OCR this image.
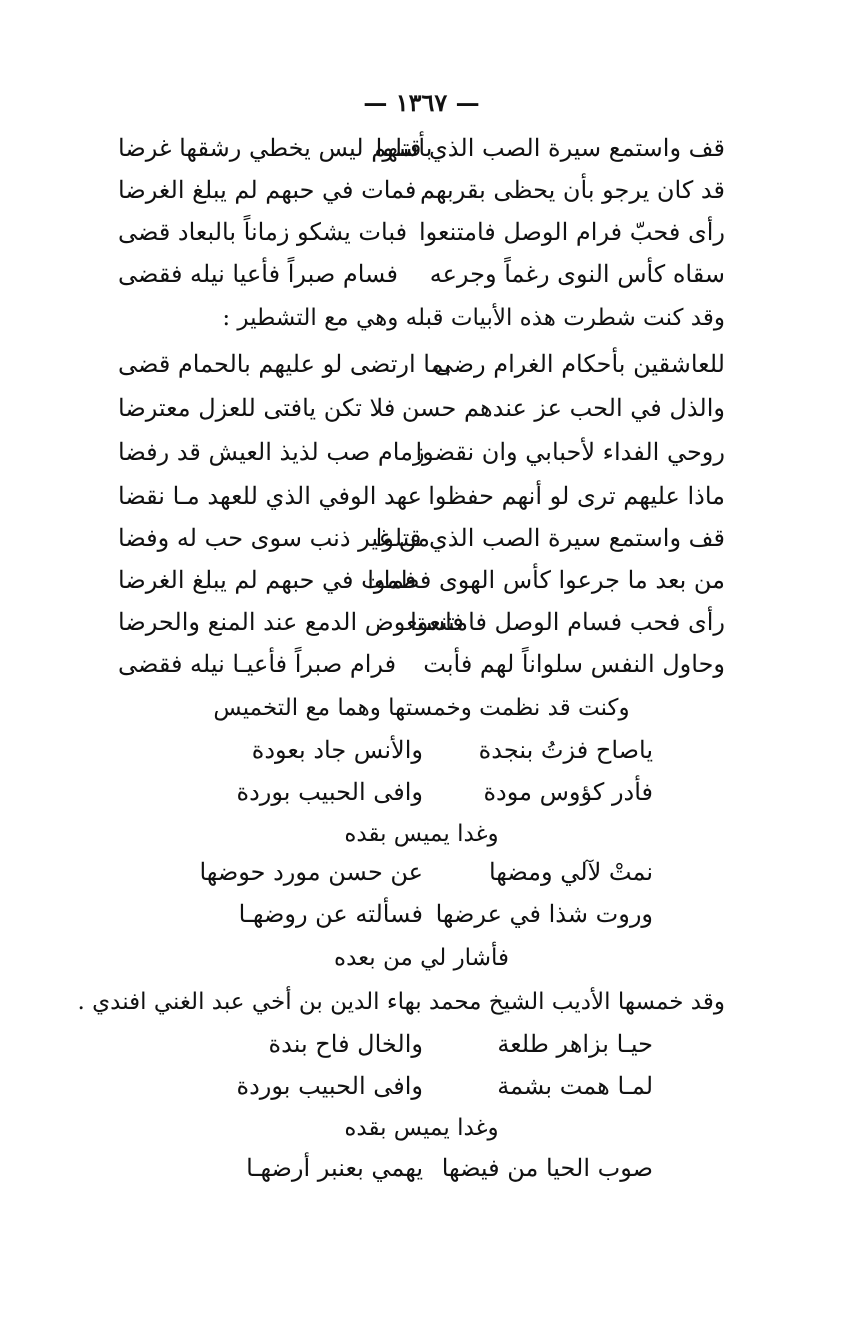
— ١٣٦٧ —
قف واستمع سيرة الصب الذي قتلوا
بأسهم ليس يخطي رشقها غرضا
قد كان يرجو بأن يحظى بقربهم
فمات في حبهم لم يبلغ الغرضا
رأى فحبّ فرام الوصل فامتنعوا
فبات يشكو زماناً بالبعاد قضى
سقاه كأس النوى رغماً وجرعه
فسام صبراً فأعيا نيله فقضى
وقد كنت شطرت هذه الأبيات قبله وهي مع التشطير :
للعاشقين بأحكام الغرام رضى
بما ارتضى لو عليهم بالحمام قضى
والذل في الحب عز عندهم حسن
فلا تكن يافتى للعزل معترضا
روحي الفداء لأحبابي وان نقضوا
زمام صب لذيذ العيش قد رفضا
ماذا عليهم ترى لو أنهم حفظوا
عهد الوفي الذي للعهد مـا نقضا
قف واستمع سيرة الصب الذي قتلوا
من غير ذنب سوى حب له وفضا
من بعد ما جرعوا كأس الهوى فطموا
فمات في حبهم لم يبلغ الغرضا
رأى فحب فسام الوصل فامتنعوا
فاستعوض الدمع عند المنع والحرضا
وحاول النفس سلواناً لهم فأبت
فرام صبراً فأعيـا نيله فقضى
وكنت قد نظمت وخمستها وهما مع التخميس
ياصاح فزتُ بنجدة
والأنس جاد بعودة
فأدر كؤوس مودة
وافى الحبيب بوردة
وغدا يميس بقده
نمتْ لآلي ومضها
عن حسن مورد حوضها
وروت شذا في عرضها
فسألته عن روضهـا
فأشار لي من بعده
وقد خمسها الأديب الشيخ محمد بهاء الدين بن أخي عبد الغني افندي .
حيـا بزاهر طلعة
والخال فاح بندة
لمـا همت بشمة
وافى الحبيب بوردة
وغدا يميس بقده
صوب الحيا من فيضها
يهمي بعنبر أرضهـا
